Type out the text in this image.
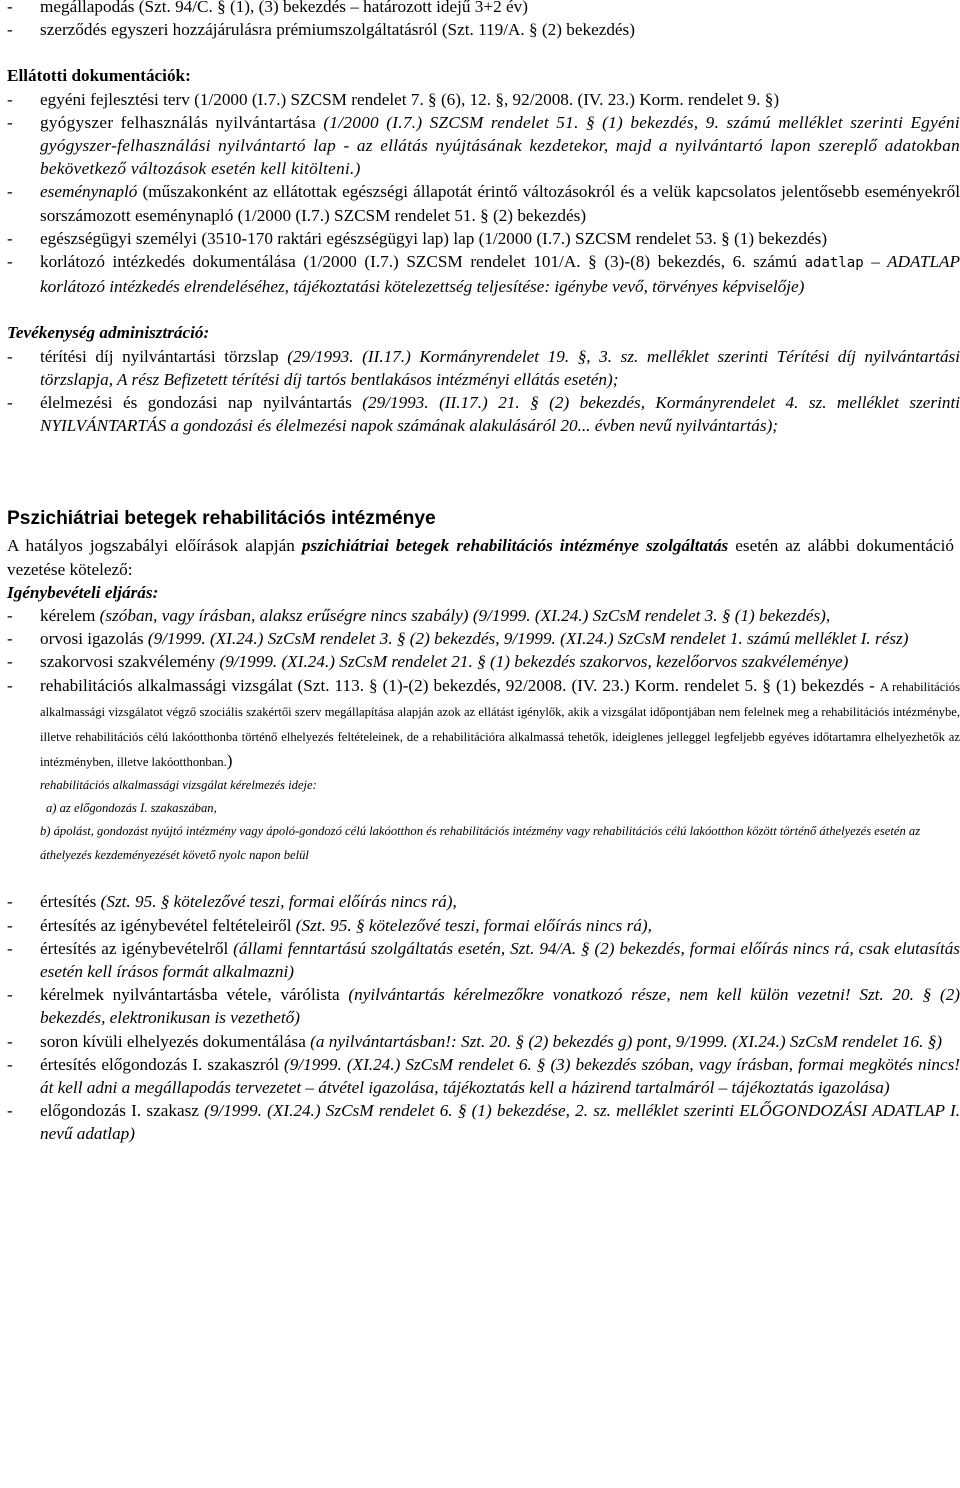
- megállapodás (Szt. 94/C. § (1), (3) bekezdés – határozott idejű 3+2 év)

- szerződés egyszeri hozzájárulásra prémiumszolgáltatásról (Szt. 119/A. § (2) bekezdés)

Ellátotti dokumentációk:

- egyéni fejlesztési terv (1/2000 (I.7.) SZCSM rendelet 7. § (6), 12. §, 92/2008. (IV. 23.) Korm. rendelet 9. §)

- gyógyszer felhasználás nyilvántartása (1/2000 (I.7.) SZCSM rendelet 51. § (1) bekezdés, 9. számú melléklet szerinti Egyéni gyógyszer-felhasználási nyilvántartó lap - az ellátás nyújtásának kezdetekor, majd a nyilvántartó lapon szereplő adatokban bekövetkező változások esetén kell kitölteni.)

- eseménynapló (műszakonként az ellátottak egészségi állapotát érintő változásokról és a velük kapcsolatos jelentősebb eseményekről sorszámozott eseménynapló (1/2000 (I.7.) SZCSM rendelet 51. § (2) bekezdés)

- egészségügyi személyi (3510-170 raktári egészségügyi lap) lap (1/2000 (I.7.) SZCSM rendelet 53. § (1) bekezdés)

- korlátozó intézkedés dokumentálása (1/2000 (I.7.) SZCSM rendelet 101/A. § (3)-(8) bekezdés, 6. számú adatlap – ADATLAP korlátozó intézkedés elrendeléséhez, tájékoztatási kötelezettség teljesítése: igénybe vevő, törvényes képviselője)

Tevékenység adminisztráció:

- térítési díj nyilvántartási törzslap (29/1993. (II.17.) Kormányrendelet 19. §, 3. sz. melléklet szerinti Térítési díj nyilvántartási törzslapja, A rész Befizetett térítési díj tartós bentlakásos intézményi ellátás esetén);

- élelmezési és gondozási nap nyilvántartás (29/1993. (II.17.) 21. § (2) bekezdés, Kormányrendelet 4. sz. melléklet szerinti NYILVÁNTARTÁS a gondozási és élelmezési napok számának alakulásáról 20... évben nevű nyilvántartás);

Pszichiátriai betegek rehabilitációs intézménye

A hatályos jogszabályi előírások alapján pszichiátriai betegek rehabilitációs intézménye szolgáltatás esetén az alábbi dokumentáció vezetése kötelező:

Igénybevételi eljárás:

- kérelem (szóban, vagy írásban, alaksz erűségre nincs szabály) (9/1999. (XI.24.) SzCsM rendelet 3. § (1) bekezdés),

- orvosi igazolás (9/1999. (XI.24.) SzCsM rendelet 3. § (2) bekezdés, 9/1999. (XI.24.) SzCsM rendelet 1. számú melléklet I. rész)

- szakorvosi szakvélemény (9/1999. (XI.24.) SzCsM rendelet 21. § (1) bekezdés szakorvos, kezelőorvos szakvéleménye)

- rehabilitációs alkalmassági vizsgálat (Szt. 113. § (1)-(2) bekezdés, 92/2008. (IV. 23.) Korm. rendelet 5. § (1) bekezdés - A rehabilitációs alkalmassági vizsgálatot végző szociális szakértői szerv megállapítása alapján azok az ellátást igénylők, akik a vizsgálat időpontjában nem felelnek meg a rehabilitációs intézménybe, illetve rehabilitációs célú lakóotthonba történő elhelyezés feltételeinek, de a rehabilitációra alkalmassá tehetők, ideiglenes jelleggel legfeljebb egyéves időtartamra elhelyezhetők az intézményben, illetve lakóotthonban.)

rehabilitációs alkalmassági vizsgálat kérelmezés ideje:

a) az előgondozás I. szakaszában,

b) ápolást, gondozást nyújtó intézmény vagy ápoló-gondozó célú lakóotthon és rehabilitációs intézmény vagy rehabilitációs célú lakóotthon között történő áthelyezés esetén az áthelyezés kezdeményezését követő nyolc napon belül

- értesítés (Szt. 95. § kötelezővé teszi, formai előírás nincs rá),

- értesítés az igénybevétel feltételeiről (Szt. 95. § kötelezővé teszi, formai előírás nincs rá),

- értesítés az igénybevételről (állami fenntartású szolgáltatás esetén, Szt. 94/A. § (2) bekezdés, formai előírás nincs rá, csak elutasítás esetén kell írásos formát alkalmazni)

- kérelmek nyilvántartásba vétele, várólista (nyilvántartás kérelmezőkre vonatkozó része, nem kell külön vezetni! Szt. 20. § (2) bekezdés, elektronikusan is vezethető)

- soron kívüli elhelyezés dokumentálása (a nyilvántartásban!: Szt. 20. § (2) bekezdés g) pont, 9/1999. (XI.24.) SzCsM rendelet 16. §)

- értesítés előgondozás I. szakaszról (9/1999. (XI.24.) SzCsM rendelet 6. § (3) bekezdés szóban, vagy írásban, formai megkötés nincs! át kell adni a megállapodás tervezetet – átvétel igazolása, tájékoztatás kell a házirend tartalmáról – tájékoztatás igazolása)

- előgondozás I. szakasz (9/1999. (XI.24.) SzCsM rendelet 6. § (1) bekezdése, 2. sz. melléklet szerinti ELŐGONDOZÁSI ADATLAP I. nevű adatlap)
